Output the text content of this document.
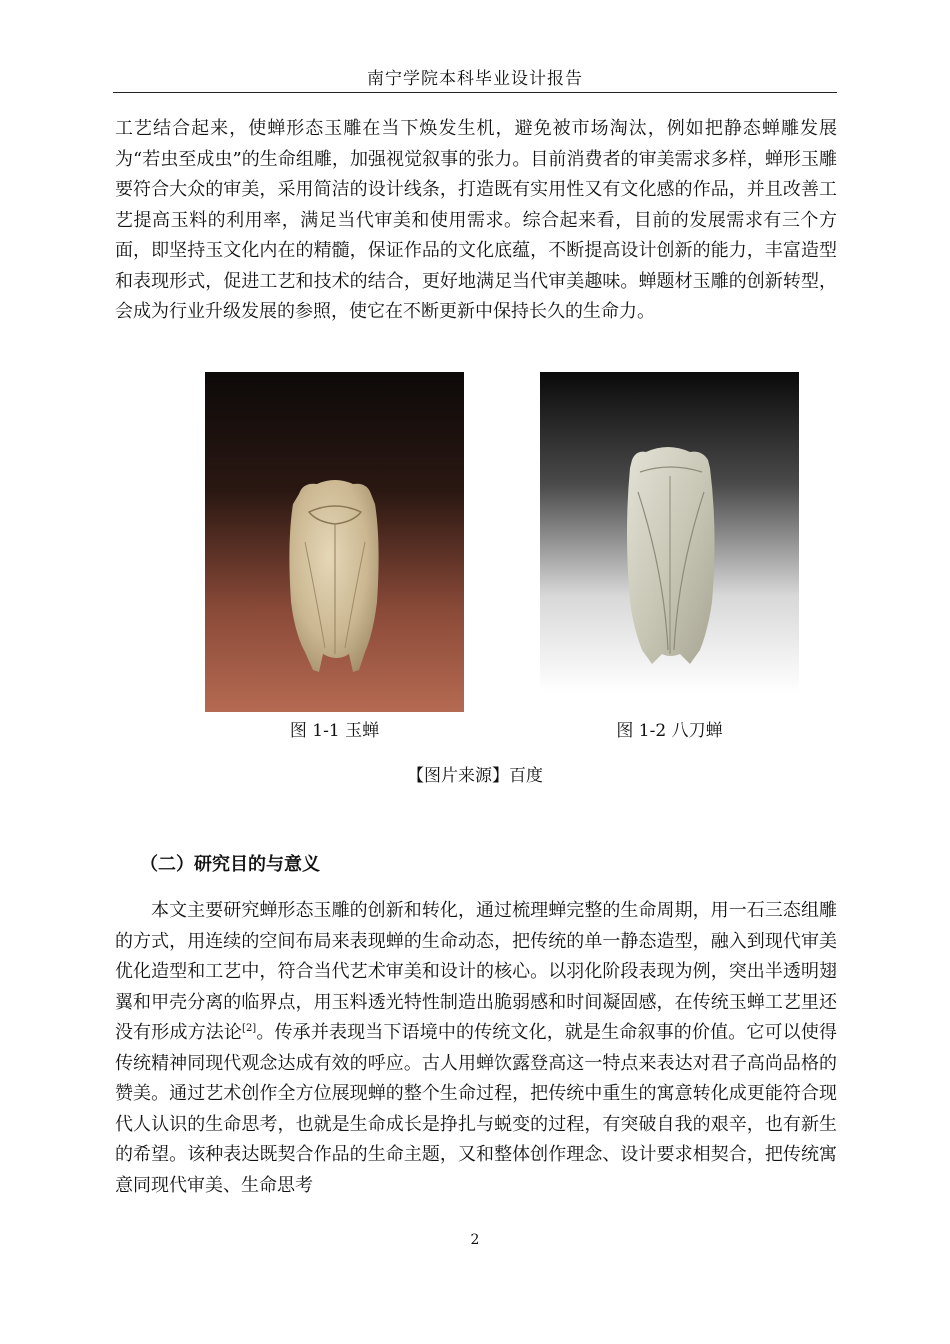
南宁学院本科毕业设计报告
工艺结合起来，使蝉形态玉雕在当下焕发生机，避免被市场淘汰，例如把静态蝉雕发展为“若虫至成虫”的生命组雕，加强视觉叙事的张力。目前消费者的审美需求多样，蝉形玉雕要符合大众的审美，采用简洁的设计线条，打造既有实用性又有文化感的作品，并且改善工艺提高玉料的利用率，满足当代审美和使用需求。综合起来看，目前的发展需求有三个方面，即坚持玉文化内在的精髓，保证作品的文化底蕴，不断提高设计创新的能力，丰富造型和表现形式，促进工艺和技术的结合，更好地满足当代审美趣味。蝉题材玉雕的创新转型，会成为行业升级发展的参照，使它在不断更新中保持长久的生命力。
图 1-1 玉蝉	图 1-2 八刀蝉
【图片来源】百度
（二）研究目的与意义
本文主要研究蝉形态玉雕的创新和转化，通过梳理蝉完整的生命周期，用一石三态组雕的方式，用连续的空间布局来表现蝉的生命动态，把传统的单一静态造型，融入到现代审美优化造型和工艺中，符合当代艺术审美和设计的核心。以羽化阶段表现为例，突出半透明翅翼和甲壳分离的临界点，用玉料透光特性制造出脆弱感和时间凝固感，在传统玉蝉工艺里还没有形成方法论[2]。传承并表现当下语境中的传统文化，就是生命叙事的价值。它可以使得传统精神同现代观念达成有效的呼应。古人用蝉饮露登高这一特点来表达对君子高尚品格的赞美。通过艺术创作全方位展现蝉的整个生命过程，把传统中重生的寓意转化成更能符合现代人认识的生命思考，也就是生命成长是挣扎与蜕变的过程，有突破自我的艰辛，也有新生的希望。该种表达既契合作品的生命主题，又和整体创作理念、设计要求相契合，把传统寓意同现代审美、生命思考
2
